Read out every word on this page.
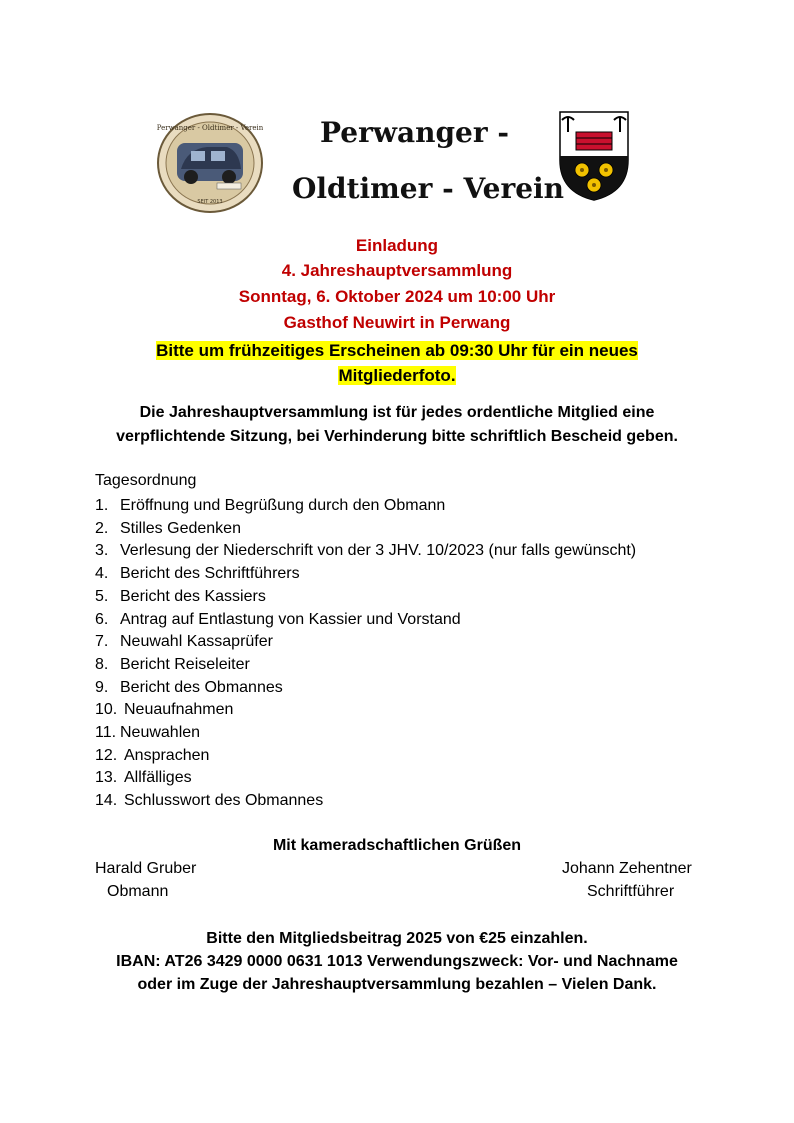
Perwanger - Oldtimer - Verein
SEIT 2013
Perwanger -
Oldtimer - Verein
Einladung
4. Jahreshauptversammlung
Sonntag, 6. Oktober 2024 um 10:00 Uhr
Gasthof Neuwirt in Perwang
Bitte um frühzeitiges Erscheinen ab 09:30 Uhr für ein neues
Mitgliederfoto.
Die Jahreshauptversammlung ist für jedes ordentliche Mitglied eine
verpflichtende Sitzung, bei Verhinderung bitte schriftlich Bescheid geben.
Tagesordnung
1. Eröffnung und Begrüßung durch den Obmann
2. Stilles Gedenken
3. Verlesung der Niederschrift von der 3 JHV. 10/2023 (nur falls gewünscht)
4. Bericht des Schriftführers
5. Bericht des Kassiers
6. Antrag auf Entlastung von Kassier und Vorstand
7. Neuwahl Kassaprüfer
8. Bericht Reiseleiter
9. Bericht des Obmannes
10. Neuaufnahmen
11. Neuwahlen
12. Ansprachen
13. Allfälliges
14. Schlusswort des Obmannes
Mit kameradschaftlichen Grüßen
Harald Gruber
Obmann
Johann Zehentner
Schriftführer
Bitte den Mitgliedsbeitrag 2025 von €25 einzahlen.
IBAN: AT26 3429 0000 0631 1013 Verwendungszweck: Vor- und Nachname
oder im Zuge der Jahreshauptversammlung bezahlen – Vielen Dank.
